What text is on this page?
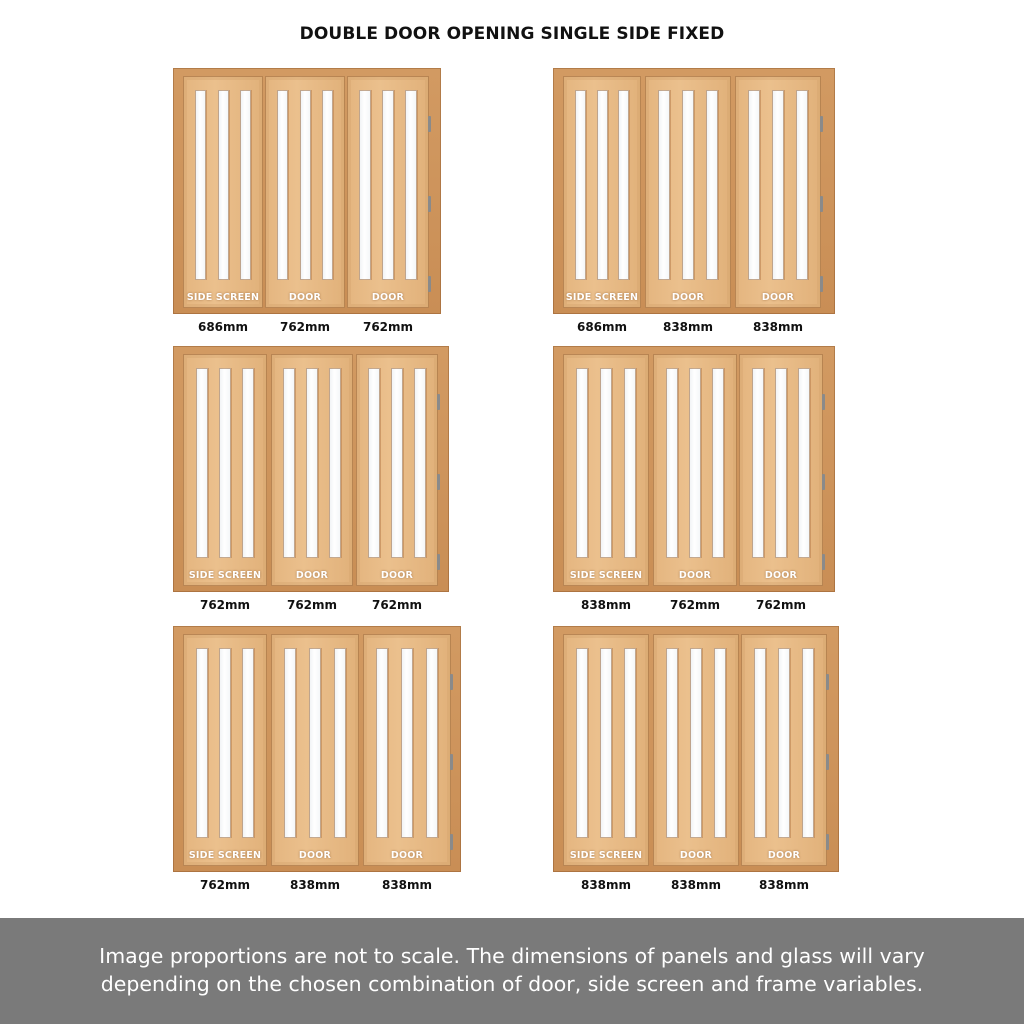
DOUBLE DOOR OPENING SINGLE SIDE FIXED
SIDE SCREEN	DOOR	DOOR
686mm	762mm	762mm
SIDE SCREEN	DOOR	DOOR
686mm	838mm	838mm
SIDE SCREEN	DOOR	DOOR
762mm	762mm	762mm
SIDE SCREEN	DOOR	DOOR
838mm	762mm	762mm
SIDE SCREEN	DOOR	DOOR
762mm	838mm	838mm
SIDE SCREEN	DOOR	DOOR
838mm	838mm	838mm
Image proportions are not to scale. The dimensions of panels and glass will vary
depending on the chosen combination of door, side screen and frame variables.
